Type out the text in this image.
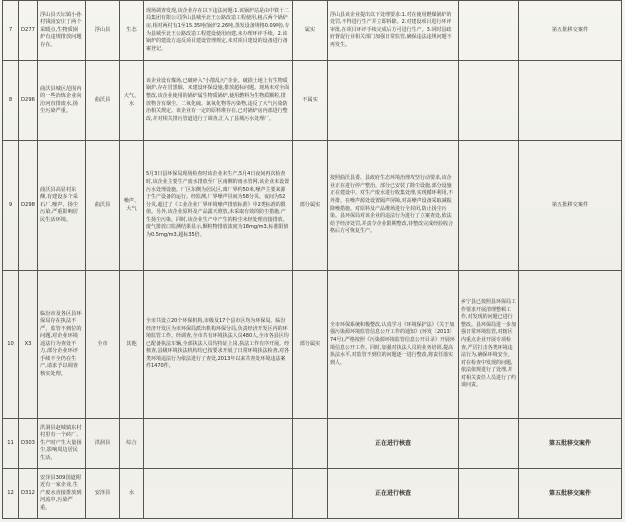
7	D277	浮山县天坛镇小孙村钱园安庄丁两个采暖点,生物质锅炉有违规排放问题存在。	浮山县	生态	现场调查发现,该企业存在以下违法问题:1.该锅炉站是由中铁十二局集团有限公司浮山县城至北王公路改造工程使用,租占两个锅炉房,相对两村有1至15.35吨(锅炉2.26吨,蒸发设备规格0.09吨),专为县城至北王公路改造工程建设使用而建,未办理环评手续。2.该锅炉的建设方违反项目建设管理规定,未对项目建设的设备进行备案登记。	属实	浮山县该企业提出以下处理要求:1.对在使用燃煤锅炉的处罚,不得进行生产并立即拆除。2.对建设项目进行环评审批,在项目环评手续完成后方可进行生产。3.同时县政府督促行业相关部门加强日常监管,确保违法违规问题不再发生。		第五批移交案件
8	D296	曲沃县城区范围内的一些冶炼企业向汾河直排废水,扬尘污染严重。	曲沃县	大气、水	该企业设有煤场,已破碎入“小散乱污”企业。破损土地上有生物质锅炉,存在冒黑烟、未建设环保设施,排放超标问题。现场未对全面整改,该企业使用的锅炉属生物质锅炉,使用燃料为生物质颗粒,排放物含有烟尘、二氧化硫、氮氧化物等污染物,违反了大气污染防治相关规定。该企业有一定的原料堆存在,已对锅炉房内部进行整改,并对相关排污管道进行了调查,汇入了县城污水处理厂。	不属实			
9	D298	曲沃县高显村东侧,有建设多个采石厂,噪声、扬尘污染,严重影响居民生活环境。	曲沃县	噪声、大气	5月3日县环保局现场检查时该企业未生产,5月4日夜间再次检查时,该企业主要生产废水排放至厂区南侧的雨水管网,该企业未设置污水处理设施。厂区东侧为居民区,离厂界约50米,噪声主要来源于生产设备的运行。经监测,厂界噪声昼间为58分贝、夜间为52分贝,超过了《工业企业厂界环境噪声排放标准》中2类标准的限值。另外,该企业原料及产品露天堆放,未采取有效的防尘措施,产生扬尘污染。同时,该企业生产中产生的粉尘未经处理直接排放。废气排放口监测结果显示,颗粒物排放浓度为18mg/m3,标准限值为0.5mg/m3,超标35倍。	部分属实	按照曲沃县委、县政府生态环境治理攻坚行动要求,该企业正在进行停产整治。部分已安装了除尘设施,部分设施正在建设中。对生产废水进行收集处理,实现循环利用,不外排。在噪声源处设置隔声屏障,对高噪声设备采取减振降噪措施。对原料及产品堆场进行全封闭,防止扬尘污染。县环保局对该企业的违法行为进行了立案查处,依法给予经济处罚,并责令企业限期整改,待整改完成经验收合格后方可恢复生产。		第五批移交案件
10	X3	临汾市及各区县环保局存在执法不严、监管不到位的问题,对企业环境违法行为查处不力,部分企业环评手续不全仍在生产,请求予以调查核实处理。	全市	其他	全市共设立20个环保机构,市级及17个县市区均为环保局。临汾经济开发区为市环保局派出机构环保分局,负责经济开发区内的环境监管工作。经调查,全市共有环境执法人员480人,全市各县区均已配备执法车辆,全部执法人员均持证上岗,执法工作有序开展。经核查,县级环境执法机构均已按要求开展了日常环境执法检查,对各类环境违法行为依法进行了查处,2013年以来共查处环境违法案件1470件。	部分属实	全市环保系统积极整改,认真学习《环境保护法》《关于加强污染源环境监管信息公开工作的通知》(环发〔2013〕74号),严格按照《污染源环境监管信息公开目录》开展环境信息公开工作。同时,加强对执法人员的业务培训,提高执法水平,对监管不到位的问题逐一进行整改,将责任落实到人。	乡宁县已按照县环保局工作要求开展清理整顿工作,对发现的问题已进行整改。县环保局进一步加强日常环境监管,对辖区内重点企业开展专项检查,严厉打击各类环境违法行为,确保环境安全。对在检查中发现的问题,依法依规进行了处理,并对相关责任人员进行了约谈问责。	
11	D303	洪洞县赵城镇东村村里有一个砖厂,生产时产生大量扬尘,影响周边居民生活。	洪洞县	综合			正在进行核查		第五批移交案件
12	D312	安泽县309国道附近有一家企业,生产废水直接排放到河流中,污染严重。	安泽县	水			正在进行核查		第五批移交案件
